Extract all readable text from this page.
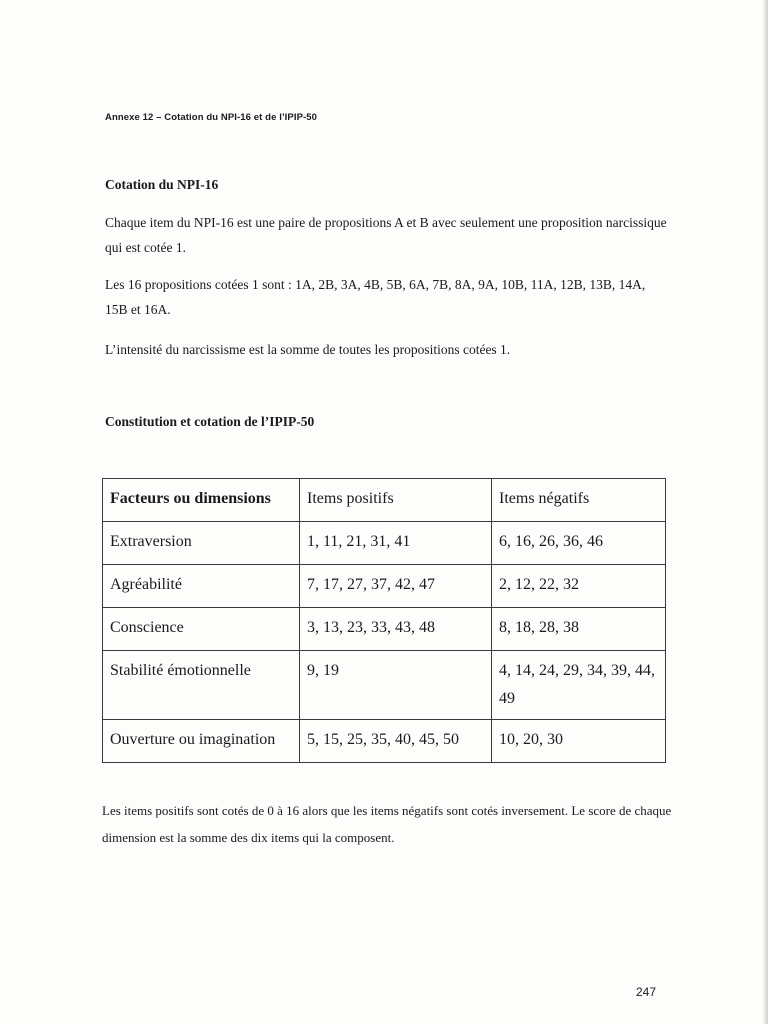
Annexe 12 – Cotation du NPI-16 et de l’IPIP-50
Cotation du NPI-16

Chaque item du NPI-16 est une paire de propositions A et B avec seulement une proposition narcissique qui est cotée 1.

Les 16 propositions cotées 1 sont : 1A, 2B, 3A, 4B, 5B, 6A, 7B, 8A, 9A, 10B, 11A, 12B, 13B, 14A, 15B et 16A.

L’intensité du narcissisme est la somme de toutes les propositions cotées 1.

Constitution et cotation de l’IPIP-50
Facteurs ou dimensions	Items positifs	Items négatifs
Extraversion	1, 11, 21, 31, 41	6, 16, 26, 36, 46
Agréabilité	7, 17, 27, 37, 42, 47	2, 12, 22, 32
Conscience	3, 13, 23, 33, 43, 48	8, 18, 28, 38
Stabilité émotionnelle	9, 19	4, 14, 24, 29, 34, 39, 44, 49
Ouverture ou imagination	5, 15, 25, 35, 40, 45, 50	10, 20, 30

Les items positifs sont cotés de 0 à 16 alors que les items négatifs sont cotés inversement. Le score de chaque dimension est la somme des dix items qui la composent.

247
